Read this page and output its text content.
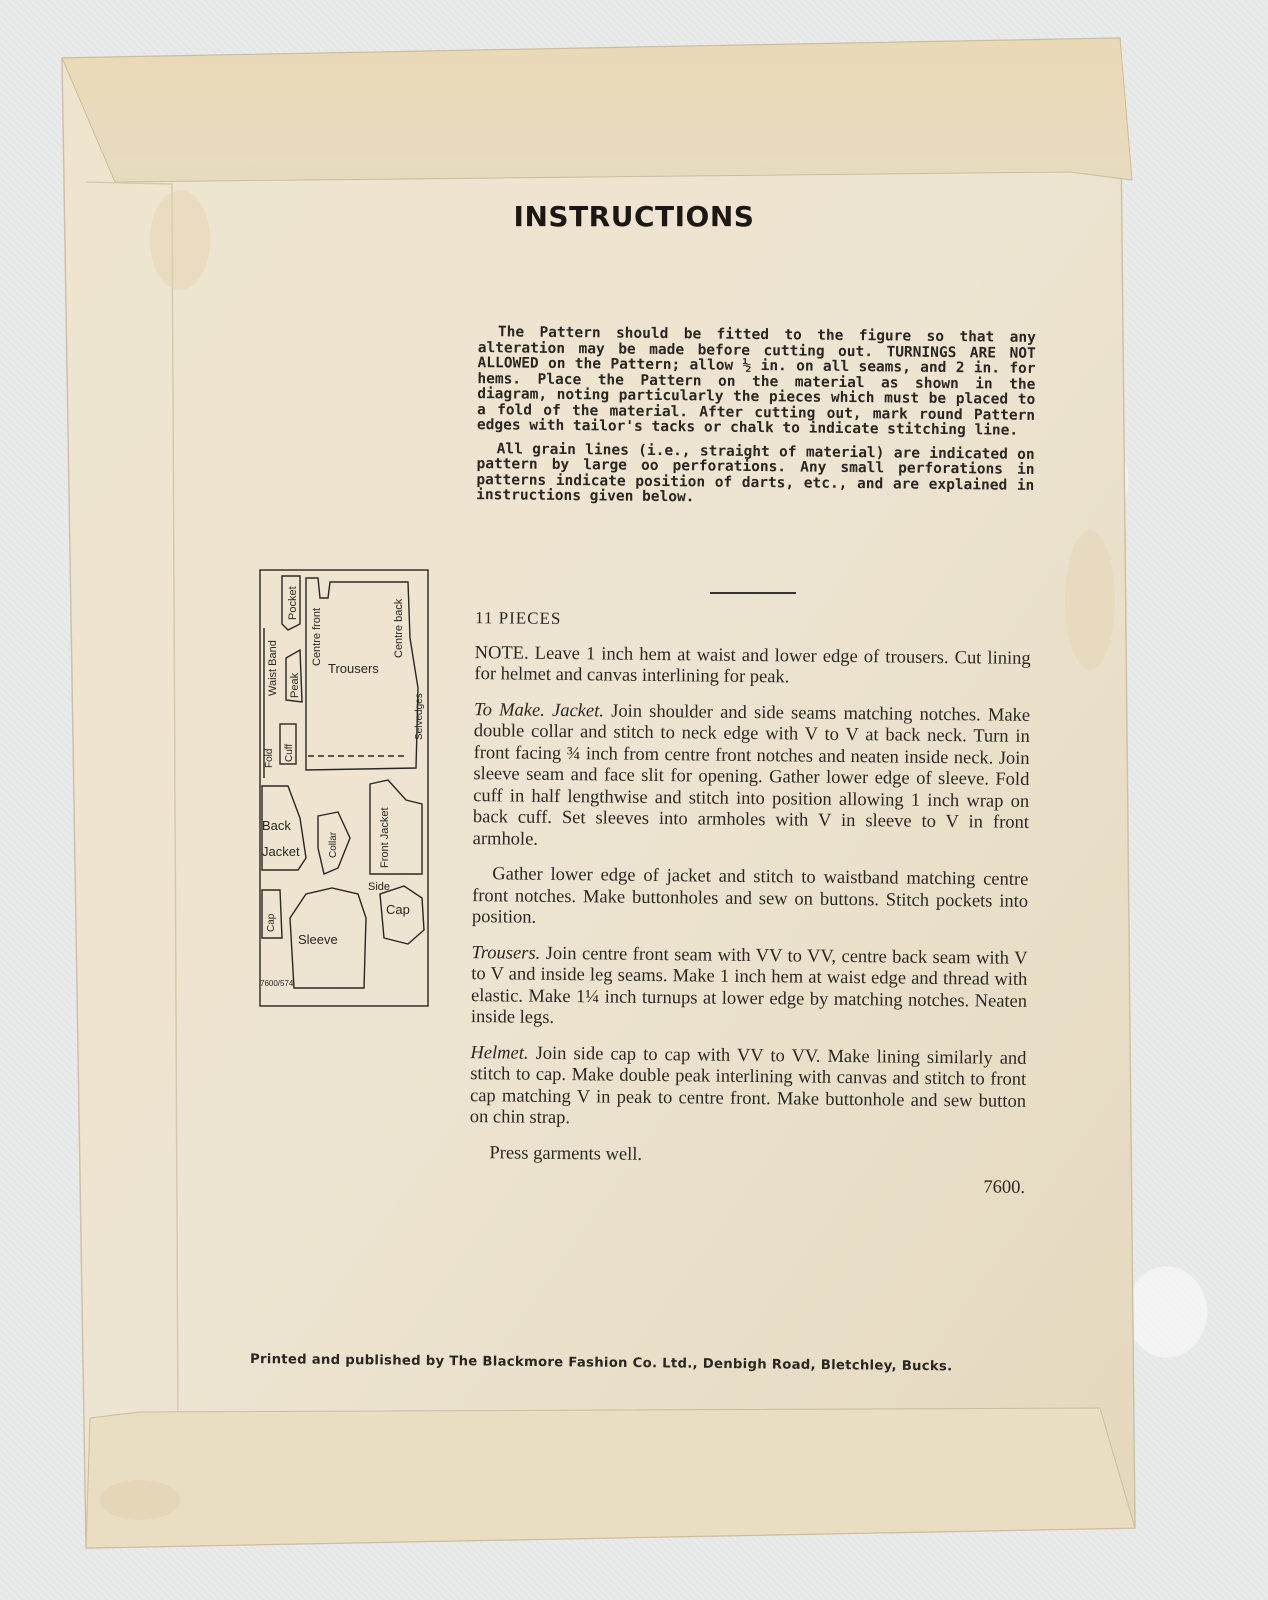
INSTRUCTIONS

The Pattern should be fitted to the figure so that any alteration may be made before cutting out. TURNINGS ARE NOT ALLOWED on the Pattern; allow ½ in. on all seams, and 2 in. for hems. Place the Pattern on the material as shown in the diagram, noting particularly the pieces which must be placed to a fold of the material. After cutting out, mark round Pattern edges with tailor's tacks or chalk to indicate stitching line.

All grain lines (i.e., straight of material) are indicated on pattern by large oo perforations. Any small perforations in patterns indicate position of darts, etc., and are explained in instructions given below.

Trousers
Back
Jacket
Side
Cap
Sleeve
7600/574
Pocket
Waist Band
Centre front	Centre back
Peak
Selvedges
Cuff
Fold
Collar	Front Jacket
Cap

11 PIECES

NOTE. Leave 1 inch hem at waist and lower edge of trousers. Cut lining for helmet and canvas interlining for peak.

To Make. Jacket. Join shoulder and side seams matching notches. Make double collar and stitch to neck edge with V to V at back neck. Turn in front facing ¾ inch from centre front notches and neaten inside neck. Join sleeve seam and face slit for opening. Gather lower edge of sleeve. Fold cuff in half lengthwise and stitch into position allowing 1 inch wrap on back cuff. Set sleeves into armholes with V in sleeve to V in front armhole.

Gather lower edge of jacket and stitch to waistband matching centre front notches. Make buttonholes and sew on buttons. Stitch pockets into position.

Trousers. Join centre front seam with VV to VV, centre back seam with V to V and inside leg seams. Make 1 inch hem at waist edge and thread with elastic. Make 1¼ inch turnups at lower edge by matching notches. Neaten inside legs.

Helmet. Join side cap to cap with VV to VV. Make lining similarly and stitch to cap. Make double peak interlining with canvas and stitch to front cap matching V in peak to centre front. Make buttonhole and sew button on chin strap.

Press garments well.

7600.

Printed and published by The Blackmore Fashion Co. Ltd., Denbigh Road, Bletchley, Bucks.
